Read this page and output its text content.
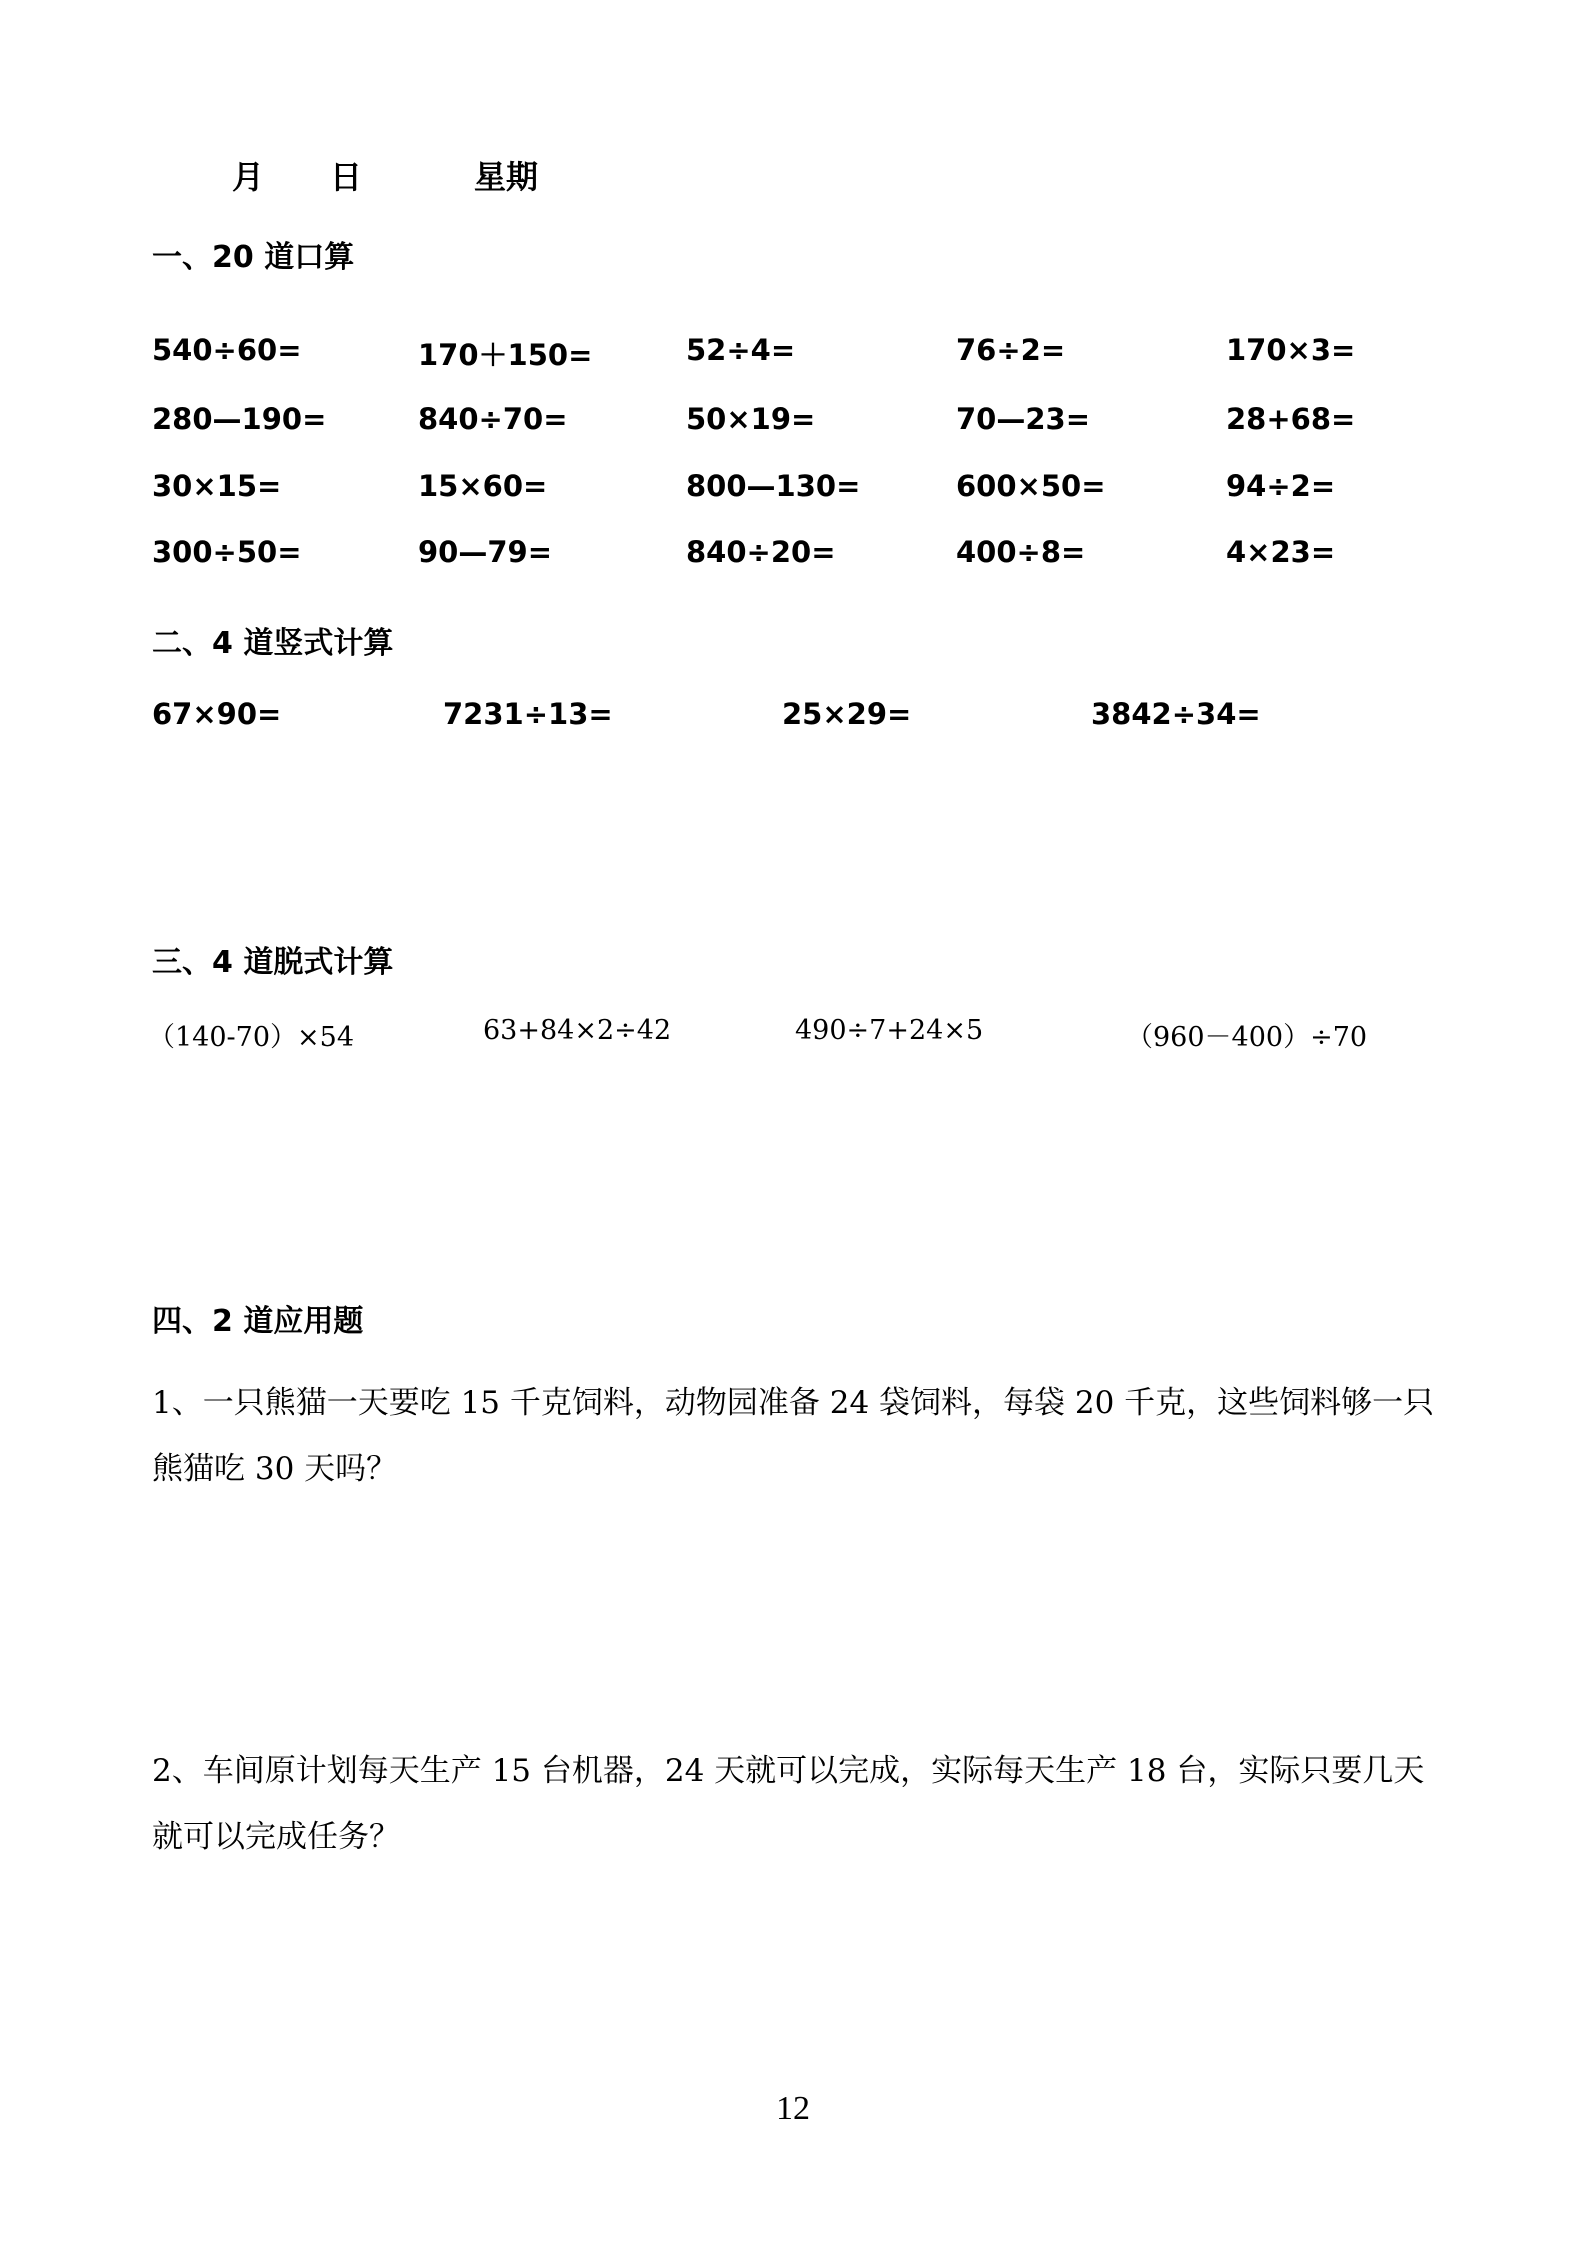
月 日	星期
一、20 道口算
540÷60=	170＋150=	52÷4=	76÷2=	170×3=
280—190=	840÷70=	50×19=	70—23=	28+68=
30×15=	15×60=	800—130=	600×50=	94÷2=
300÷50=	90—79=	840÷20=	400÷8=	4×23=
二、4 道竖式计算
67×90=	7231÷13=	25×29=	3842÷34=
三、4 道脱式计算
（140-70）×54	63+84×2÷42	490÷7+24×5	（960－400）÷70
四、2 道应用题
1、一只熊猫一天要吃 15 千克饲料，动物园准备 24 袋饲料，每袋 20 千克，这些饲料够一只熊猫吃 30 天吗？
2、车间原计划每天生产 15 台机器，24 天就可以完成，实际每天生产 18 台，实际只要几天就可以完成任务？
12
